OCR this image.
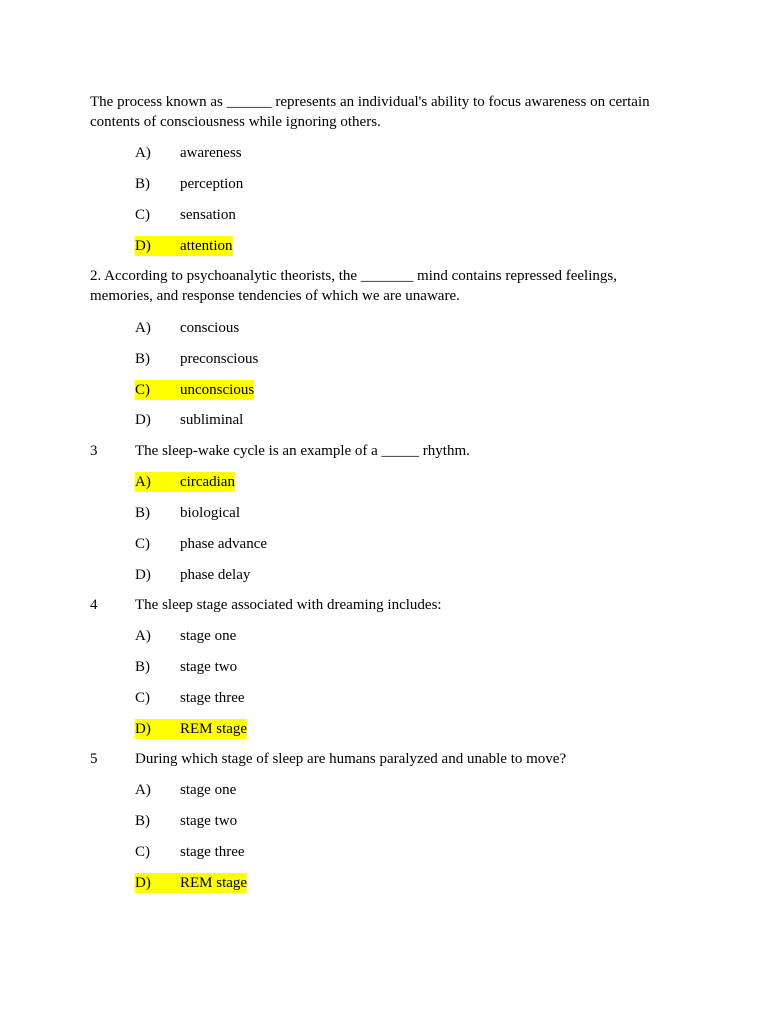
The process known as ______ represents an individual's ability to focus awareness on certain contents of consciousness while ignoring others.
A) awareness
B) perception
C) sensation
D) attention
2. According to psychoanalytic theorists, the _______ mind contains repressed feelings, memories, and response tendencies of which we are unaware.
A) conscious
B) preconscious
C) unconscious
D) subliminal
3	The sleep-wake cycle is an example of a _____ rhythm.
A) circadian
B) biological
C) phase advance
D) phase delay
4	The sleep stage associated with dreaming includes:
A) stage one
B) stage two
C) stage three
D) REM stage
5	During which stage of sleep are humans paralyzed and unable to move?
A) stage one
B) stage two
C) stage three
D) REM stage
